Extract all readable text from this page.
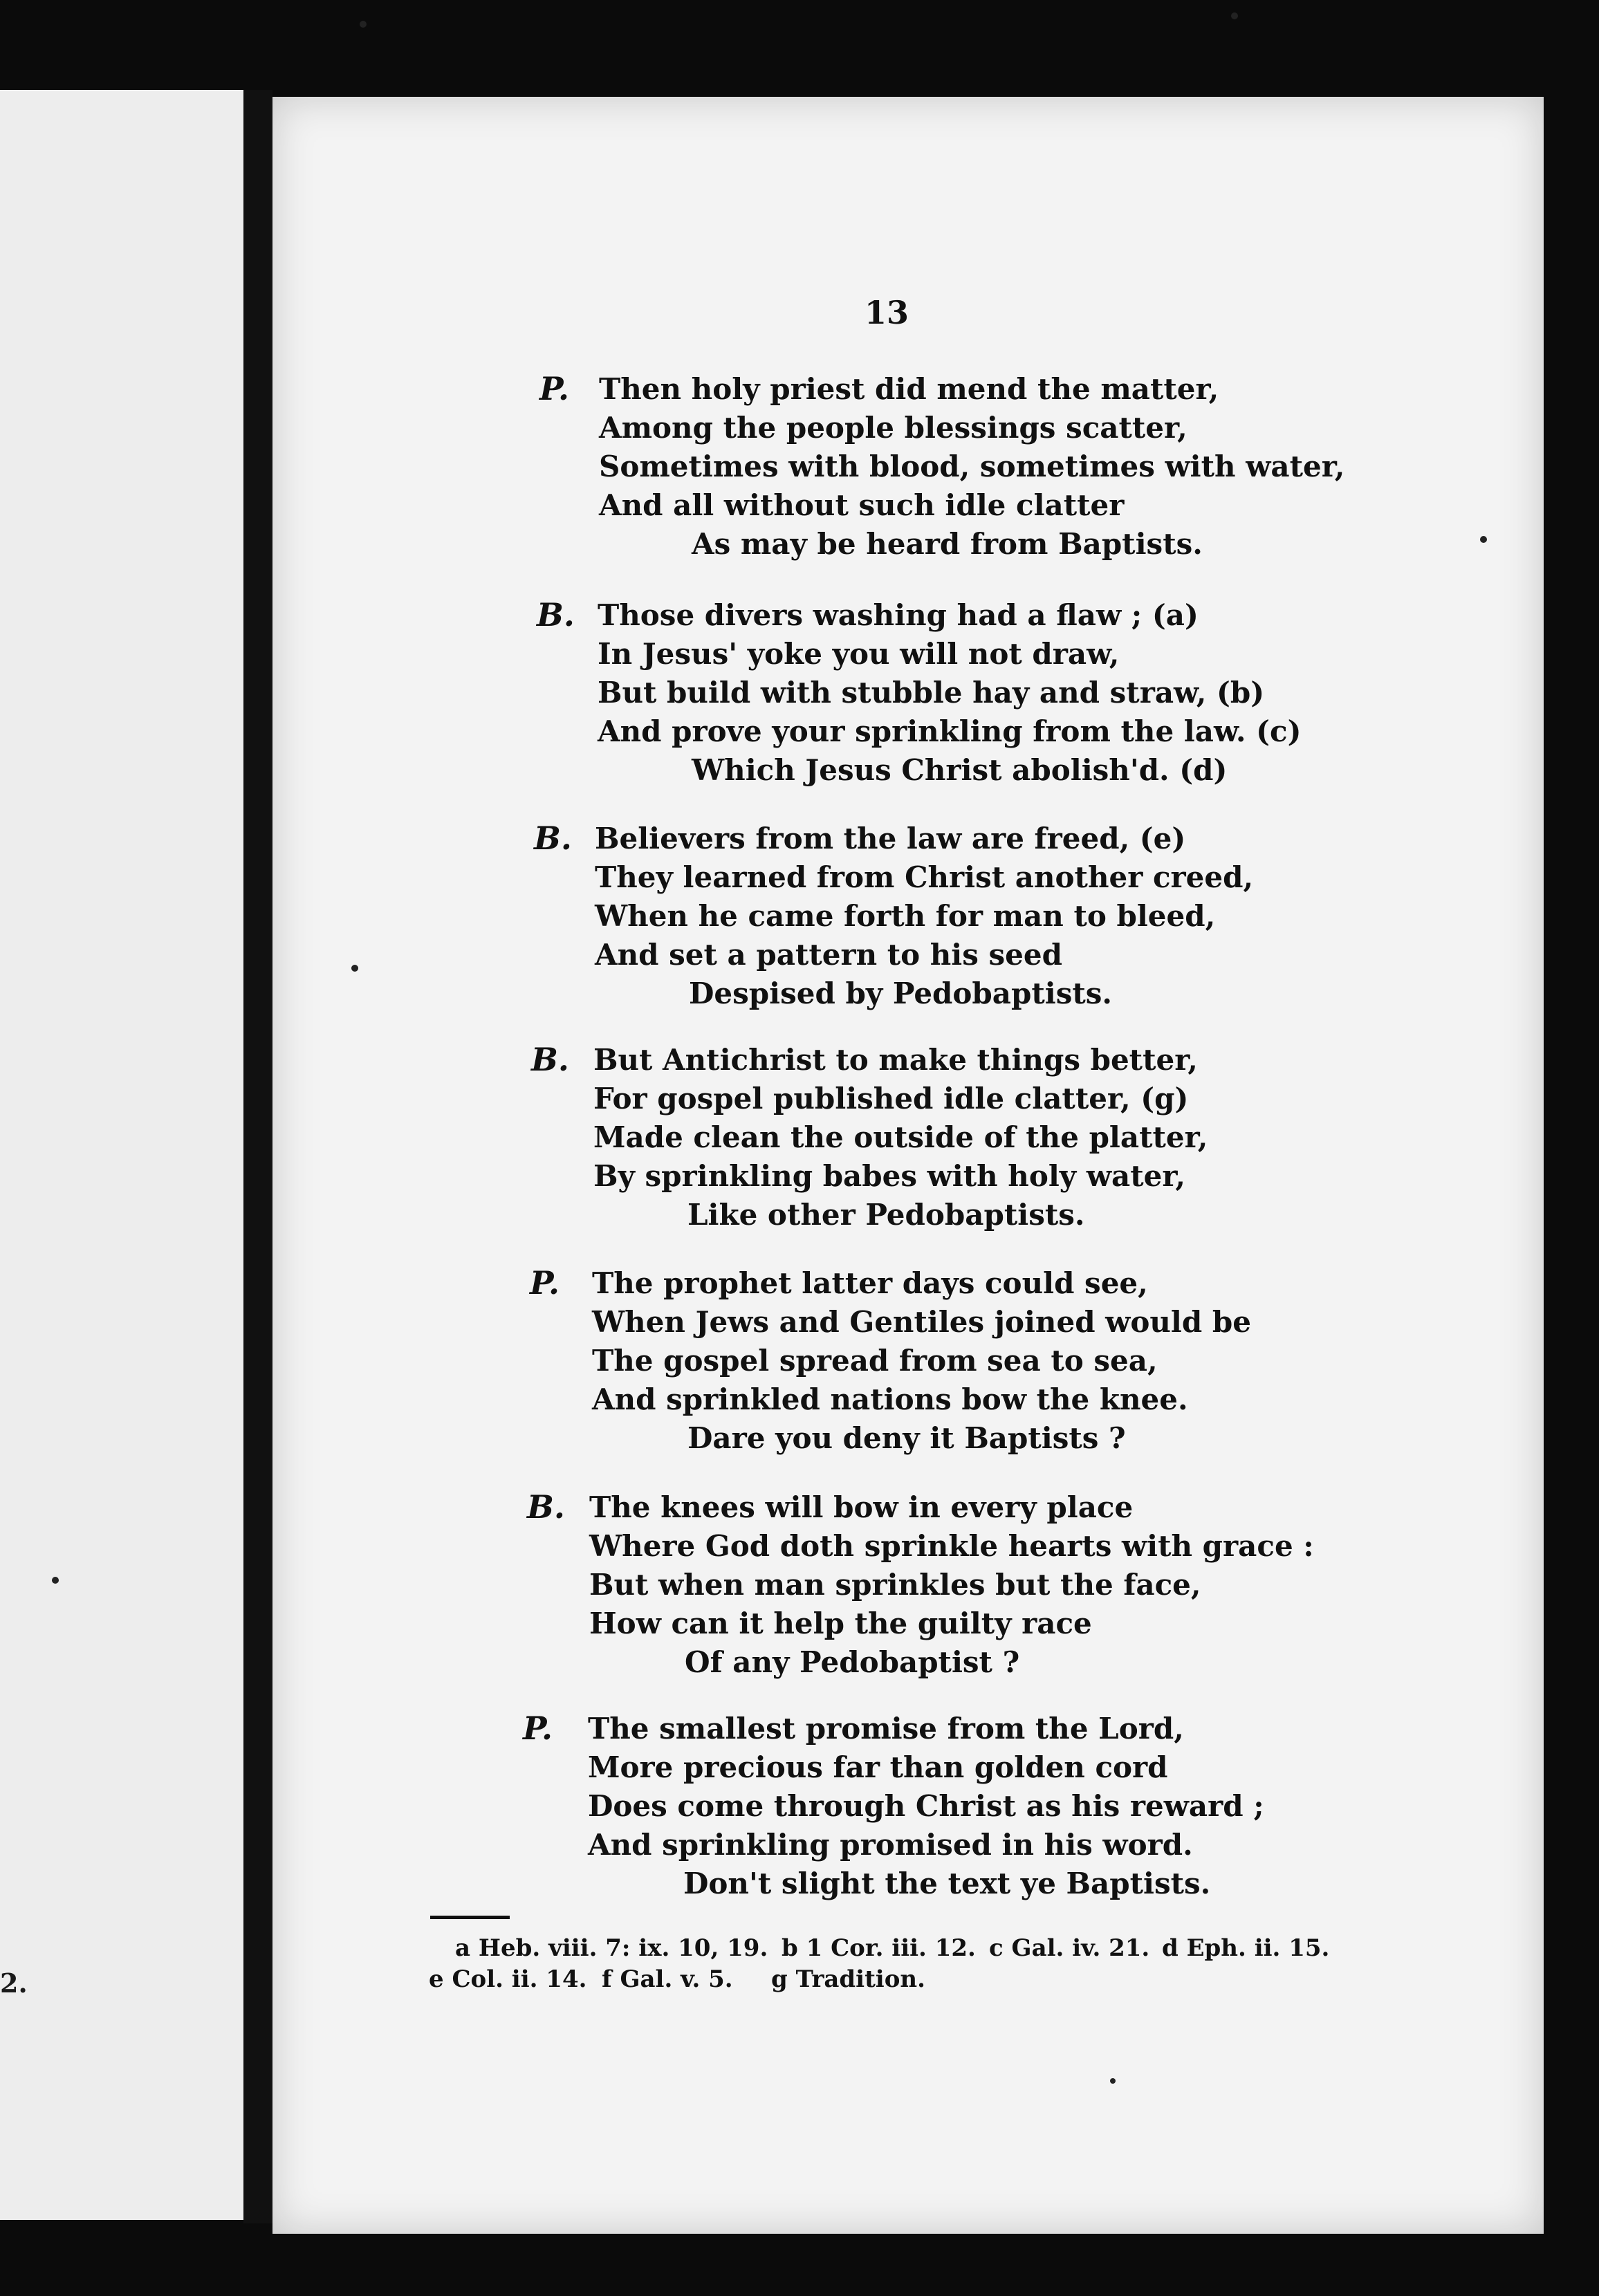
2.
13
P. Then holy priest did mend the matter,
Among the people blessings scatter,
Sometimes with blood, sometimes with water,
And all without such idle clatter
As may be heard from Baptists.
B. Those divers washing had a flaw ; (a)
In Jesus' yoke you will not draw,
But build with stubble hay and straw, (b)
And prove your sprinkling from the law. (c)
Which Jesus Christ abolish'd. (d)
B. Believers from the law are freed, (e)
They learned from Christ another creed,
When he came forth for man to bleed,
And set a pattern to his seed
Despised by Pedobaptists.
B. But Antichrist to make things better,
For gospel published idle clatter, (g)
Made clean the outside of the platter,
By sprinkling babes with holy water,
Like other Pedobaptists.
P. The prophet latter days could see,
When Jews and Gentiles joined would be
The gospel spread from sea to sea,
And sprinkled nations bow the knee.
Dare you deny it Baptists ?
B. The knees will bow in every place
Where God doth sprinkle hearts with grace :
But when man sprinkles but the face,
How can it help the guilty race
Of any Pedobaptist ?
P. The smallest promise from the Lord,
More precious far than golden cord
Does come through Christ as his reward ;
And sprinkling promised in his word.
Don't slight the text ye Baptists.
a Heb. viii. 7: ix. 10, 19. b 1 Cor. iii. 12. c Gal. iv. 21. d Eph. ii. 15.
e Col. ii. 14. f Gal. v. 5. g Tradition.
